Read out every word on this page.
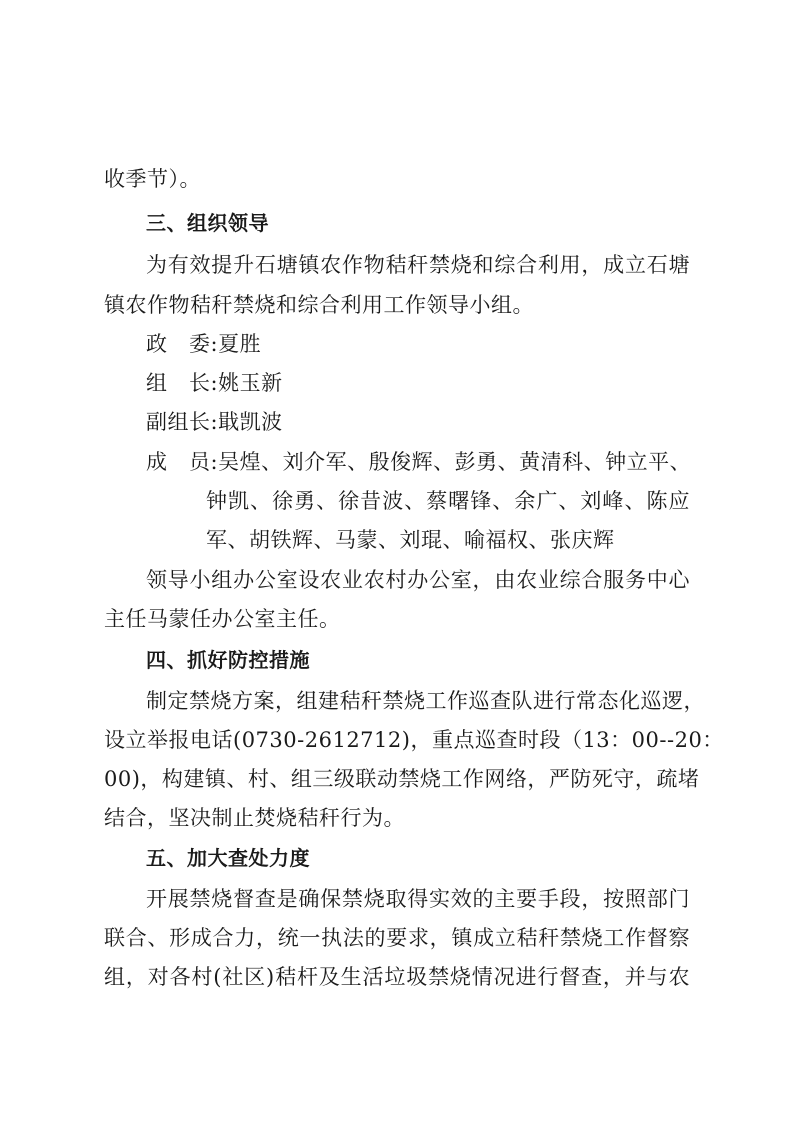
收季节）。
三、组织领导
为有效提升石塘镇农作物秸秆禁烧和综合利用，成立石塘
镇农作物秸秆禁烧和综合利用工作领导小组。
政　委:夏胜
组　长:姚玉新
副组长:戢凯波
成　员:吴煌、刘介军、殷俊辉、彭勇、黄清科、钟立平、
钟凯、徐勇、徐昔波、蔡曙锋、余广、刘峰、陈应
军、胡铁辉、马蒙、刘琨、喻福权、张庆辉
领导小组办公室设农业农村办公室，由农业综合服务中心
主任马蒙任办公室主任。
四、抓好防控措施
制定禁烧方案，组建秸秆禁烧工作巡查队进行常态化巡逻，
设立举报电话(0730-2612712)，重点巡查时段（13：00--20：
00)，构建镇、村、组三级联动禁烧工作网络，严防死守，疏堵
结合，坚决制止焚烧秸秆行为。
五、加大查处力度
开展禁烧督查是确保禁烧取得实效的主要手段，按照部门
联合、形成合力，统一执法的要求，镇成立秸秆禁烧工作督察
组，对各村(社区)秸杆及生活垃圾禁烧情况进行督查，并与农
